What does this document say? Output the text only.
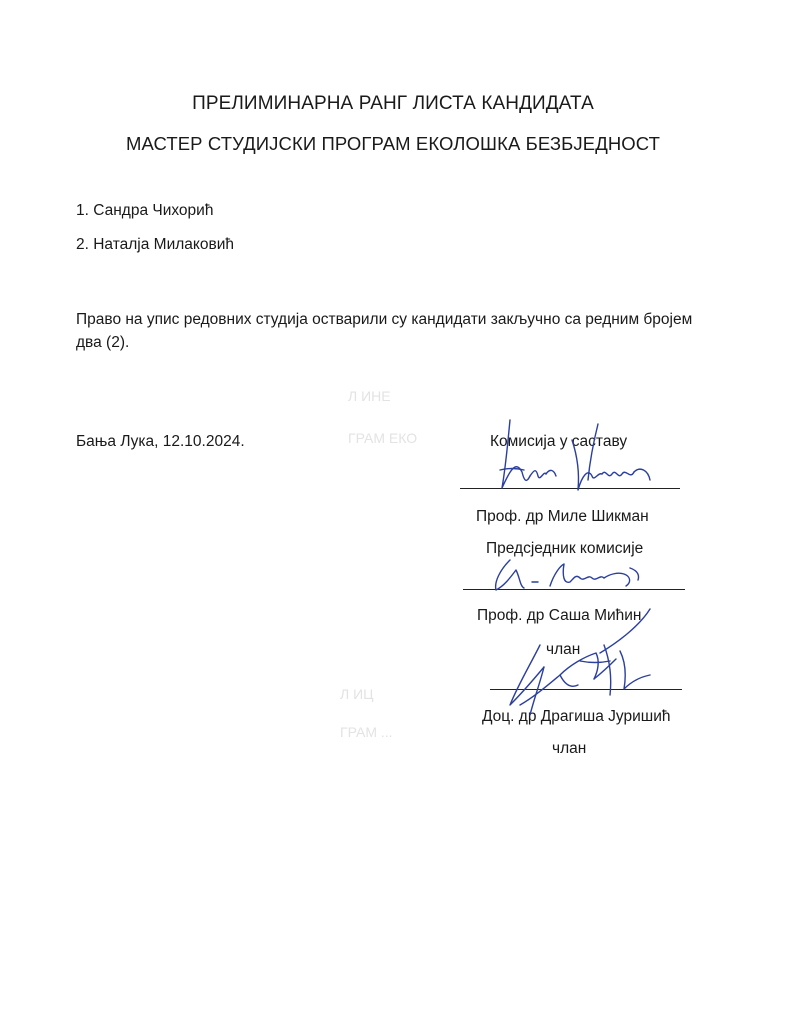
Л ИНЕ
ГРАМ ЕКО
Л ИЦ
ГРАМ ...
ПРЕЛИМИНАРНА РАНГ ЛИСТА КАНДИДАТА
МАСТЕР СТУДИЈСКИ ПРОГРАМ ЕКОЛОШКА БЕЗБЈЕДНОСТ
1. Сандра Чихорић
2. Наталја Милаковић
Право на упис редовних студија остварили су кандидати закључно са редним бројем два (2).
Бања Лука, 12.10.2024.	Комисија у саставу
Проф. др Миле Шикман
Предсједник комисије
Проф. др Саша Мићин
члан
Доц. др Драгиша Јуришић
члан
